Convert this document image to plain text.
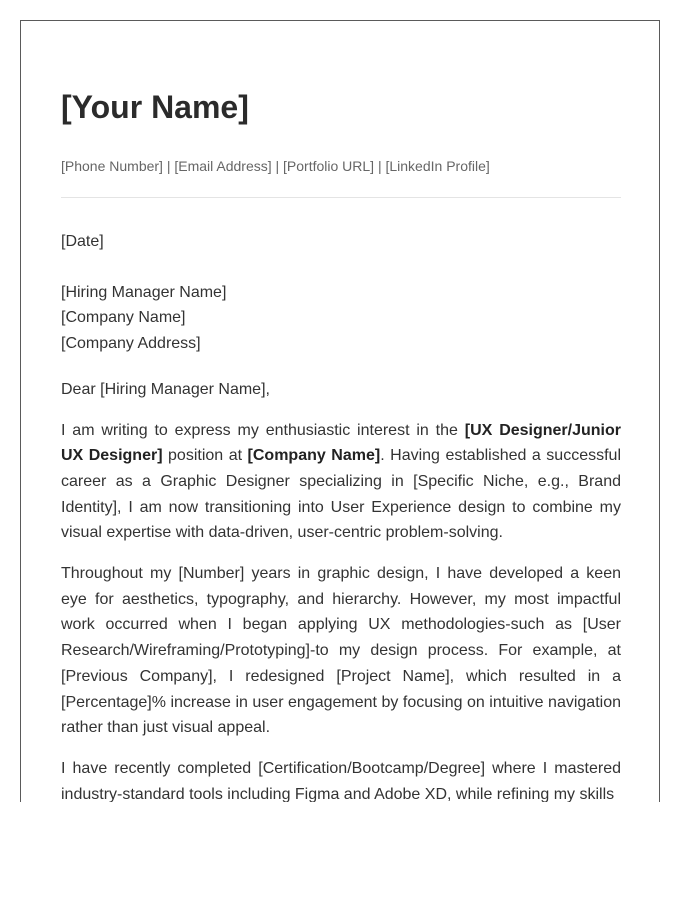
[Your Name]

[Phone Number] | [Email Address] | [Portfolio URL] | [LinkedIn Profile]

[Date]

[Hiring Manager Name]
[Company Name]
[Company Address]

Dear [Hiring Manager Name],

I am writing to express my enthusiastic interest in the [UX Designer/Junior UX Designer] position at [Company Name]. Having established a successful career as a Graphic Designer specializing in [Specific Niche, e.g., Brand Identity], I am now transitioning into User Experience design to combine my visual expertise with data-driven, user-centric problem-solving.

Throughout my [Number] years in graphic design, I have developed a keen eye for aesthetics, typography, and hierarchy. However, my most impactful work occurred when I began applying UX methodologies-such as [User Research/Wireframing/Prototyping]-to my design process. For example, at [Previous Company], I redesigned [Project Name], which resulted in a [Percentage]% increase in user engagement by focusing on intuitive navigation rather than just visual appeal.

I have recently completed [Certification/Bootcamp/Degree] where I mastered industry-standard tools including Figma and Adobe XD, while refining my skills
